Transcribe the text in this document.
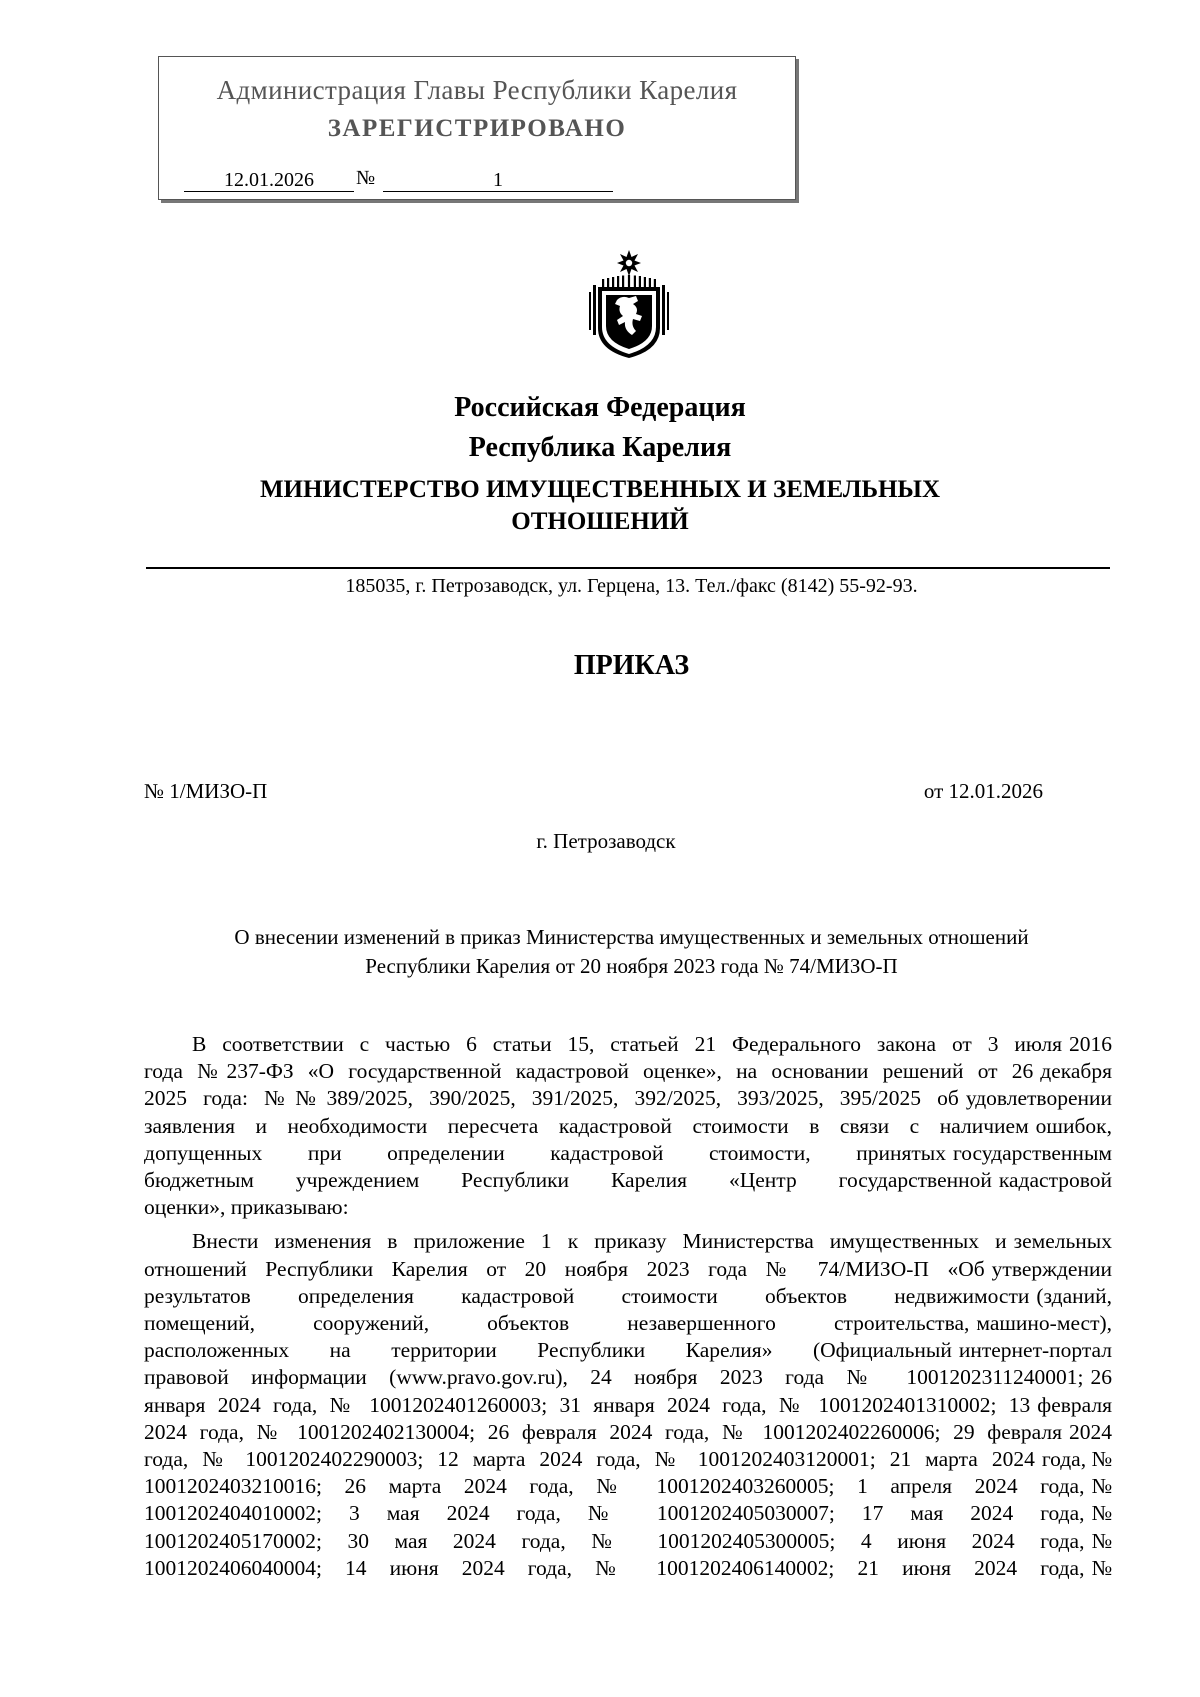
Администрация Главы Республики Карелия
ЗАРЕГИСТРИРОВАНО
12.01.2026	№	1
Российская Федерация
Республика Карелия
МИНИСТЕРСТВО ИМУЩЕСТВЕННЫХ И ЗЕМЕЛЬНЫХ
ОТНОШЕНИЙ
185035, г. Петрозаводск, ул. Герцена, 13. Тел./факс (8142) 55-92-93.
ПРИКАЗ
№ 1/МИЗО-П	от 12.01.2026
г. Петрозаводск
О внесении изменений в приказ Министерства имущественных и земельных отношений
Республики Карелия от 20 ноября 2023 года № 74/МИЗО-П
В соответствии с частью 6 статьи 15, статьей 21 Федерального закона от 3 июля 2016
года №237-ФЗ «О государственной кадастровой оценке», на основании решений от 26 декабря
2025 года: №№389/2025, 390/2025, 391/2025, 392/2025, 393/2025, 395/2025 об удовлетворении
заявления и необходимости пересчета кадастровой стоимости в связи с наличием ошибок,
допущенных при определении кадастровой стоимости, принятых государственным
бюджетным учреждением Республики Карелия «Центр государственной кадастровой
оценки», приказываю:
Внести изменения в приложение 1 к приказу Министерства имущественных и земельных
отношений Республики Карелия от 20 ноября 2023 года № 74/МИЗО-П «Об утверждении
результатов определения кадастровой стоимости объектов недвижимости (зданий,
помещений, сооружений, объектов незавершенного строительства, машино-мест),
расположенных на территории Республики Карелия» (Официальный интернет-портал
правовой информации (www.pravo.gov.ru), 24 ноября 2023 года № 1001202311240001; 26
января 2024 года, № 1001202401260003; 31 января 2024 года, № 1001202401310002; 13 февраля
2024 года, № 1001202402130004; 26 февраля 2024 года, № 1001202402260006; 29 февраля 2024
года, № 1001202402290003; 12 марта 2024 года, № 1001202403120001; 21 марта 2024 года, №
1001202403210016; 26 марта 2024 года, № 1001202403260005; 1 апреля 2024 года, №
1001202404010002; 3 мая 2024 года, № 1001202405030007; 17 мая 2024 года, №
1001202405170002; 30 мая 2024 года, № 1001202405300005; 4 июня 2024 года, №
1001202406040004; 14 июня 2024 года, № 1001202406140002; 21 июня 2024 года, №
